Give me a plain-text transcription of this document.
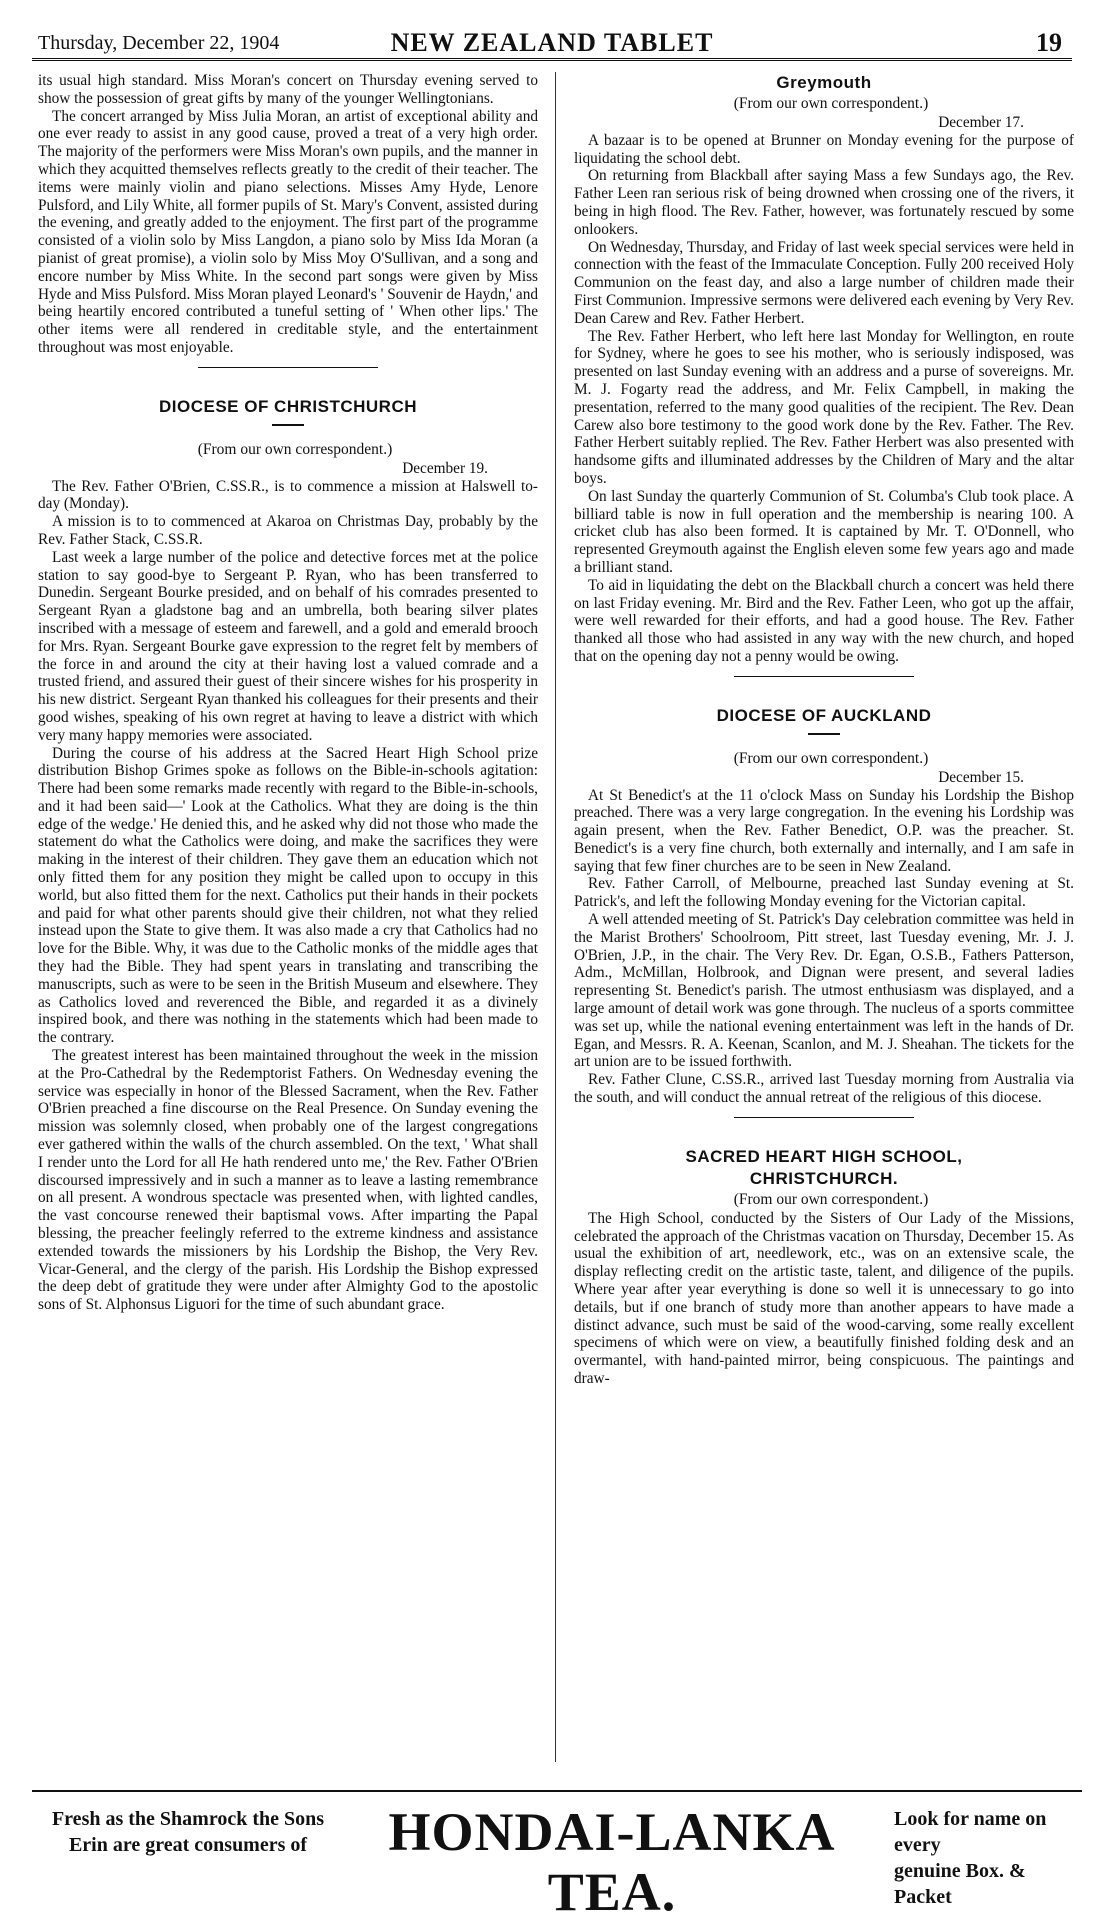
Thursday, December 22, 1904	NEW ZEALAND TABLET	19

its usual high standard. Miss Moran's concert on Thursday evening served to show the possession of great gifts by many of the younger Wellingtonians.

The concert arranged by Miss Julia Moran, an artist of exceptional ability and one ever ready to assist in any good cause, proved a treat of a very high order. The majority of the performers were Miss Moran's own pupils, and the manner in which they acquitted themselves reflects greatly to the credit of their teacher. The items were mainly violin and piano selections. Misses Amy Hyde, Lenore Pulsford, and Lily White, all former pupils of St. Mary's Convent, assisted during the evening, and greatly added to the enjoyment. The first part of the programme consisted of a violin solo by Miss Langdon, a piano solo by Miss Ida Moran (a pianist of great promise), a violin solo by Miss Moy O'Sullivan, and a song and encore number by Miss White. In the second part songs were given by Miss Hyde and Miss Pulsford. Miss Moran played Leonard's ' Souvenir de Haydn,' and being heartily encored contributed a tuneful setting of ' When other lips.' The other items were all rendered in creditable style, and the entertainment throughout was most enjoyable.

DIOCESE OF CHRISTCHURCH

(From our own correspondent.)

December 19.

The Rev. Father O'Brien, C.SS.R., is to commence a mission at Halswell to-day (Monday).

A mission is to to commenced at Akaroa on Christmas Day, probably by the Rev. Father Stack, C.SS.R.

Last week a large number of the police and detective forces met at the police station to say good-bye to Sergeant P. Ryan, who has been transferred to Dunedin. Sergeant Bourke presided, and on behalf of his comrades presented to Sergeant Ryan a gladstone bag and an umbrella, both bearing silver plates inscribed with a message of esteem and farewell, and a gold and emerald brooch for Mrs. Ryan. Sergeant Bourke gave expression to the regret felt by members of the force in and around the city at their having lost a valued comrade and a trusted friend, and assured their guest of their sincere wishes for his prosperity in his new district. Sergeant Ryan thanked his colleagues for their presents and their good wishes, speaking of his own regret at having to leave a district with which very many happy memories were associated.

During the course of his address at the Sacred Heart High School prize distribution Bishop Grimes spoke as follows on the Bible-in-schools agitation: There had been some remarks made recently with regard to the Bible-in-schools, and it had been said—' Look at the Catholics. What they are doing is the thin edge of the wedge.' He denied this, and he asked why did not those who made the statement do what the Catholics were doing, and make the sacrifices they were making in the interest of their children. They gave them an education which not only fitted them for any position they might be called upon to occupy in this world, but also fitted them for the next. Catholics put their hands in their pockets and paid for what other parents should give their children, not what they relied instead upon the State to give them. It was also made a cry that Catholics had no love for the Bible. Why, it was due to the Catholic monks of the middle ages that they had the Bible. They had spent years in translating and transcribing the manuscripts, such as were to be seen in the British Museum and elsewhere. They as Catholics loved and reverenced the Bible, and regarded it as a divinely inspired book, and there was nothing in the statements which had been made to the contrary.

The greatest interest has been maintained throughout the week in the mission at the Pro-Cathedral by the Redemptorist Fathers. On Wednesday evening the service was especially in honor of the Blessed Sacrament, when the Rev. Father O'Brien preached a fine discourse on the Real Presence. On Sunday evening the mission was solemnly closed, when probably one of the largest congregations ever gathered within the walls of the church assembled. On the text, ' What shall I render unto the Lord for all He hath rendered unto me,' the Rev. Father O'Brien discoursed impressively and in such a manner as to leave a lasting remembrance on all present. A wondrous spectacle was presented when, with lighted candles, the vast concourse renewed their baptismal vows. After imparting the Papal blessing, the preacher feelingly referred to the extreme kindness and assistance extended towards the missioners by his Lordship the Bishop, the Very Rev. Vicar-General, and the clergy of the parish. His Lordship the Bishop expressed the deep debt of gratitude they were under after Almighty God to the apostolic sons of St. Alphonsus Liguori for the time of such abundant grace.

Greymouth

(From our own correspondent.)

December 17.

A bazaar is to be opened at Brunner on Monday evening for the purpose of liquidating the school debt.

On returning from Blackball after saying Mass a few Sundays ago, the Rev. Father Leen ran serious risk of being drowned when crossing one of the rivers, it being in high flood. The Rev. Father, however, was fortunately rescued by some onlookers.

On Wednesday, Thursday, and Friday of last week special services were held in connection with the feast of the Immaculate Conception. Fully 200 received Holy Communion on the feast day, and also a large number of children made their First Communion. Impressive sermons were delivered each evening by Very Rev. Dean Carew and Rev. Father Herbert.

The Rev. Father Herbert, who left here last Monday for Wellington, en route for Sydney, where he goes to see his mother, who is seriously indisposed, was presented on last Sunday evening with an address and a purse of sovereigns. Mr. M. J. Fogarty read the address, and Mr. Felix Campbell, in making the presentation, referred to the many good qualities of the recipient. The Rev. Dean Carew also bore testimony to the good work done by the Rev. Father. The Rev. Father Herbert suitably replied. The Rev. Father Herbert was also presented with handsome gifts and illuminated addresses by the Children of Mary and the altar boys.

On last Sunday the quarterly Communion of St. Columba's Club took place. A billiard table is now in full operation and the membership is nearing 100. A cricket club has also been formed. It is captained by Mr. T. O'Donnell, who represented Greymouth against the English eleven some few years ago and made a brilliant stand.

To aid in liquidating the debt on the Blackball church a concert was held there on last Friday evening. Mr. Bird and the Rev. Father Leen, who got up the affair, were well rewarded for their efforts, and had a good house. The Rev. Father thanked all those who had assisted in any way with the new church, and hoped that on the opening day not a penny would be owing.

DIOCESE OF AUCKLAND

(From our own correspondent.)

December 15.

At St Benedict's at the 11 o'clock Mass on Sunday his Lordship the Bishop preached. There was a very large congregation. In the evening his Lordship was again present, when the Rev. Father Benedict, O.P. was the preacher. St. Benedict's is a very fine church, both externally and internally, and I am safe in saying that few finer churches are to be seen in New Zealand.

Rev. Father Carroll, of Melbourne, preached last Sunday evening at St. Patrick's, and left the following Monday evening for the Victorian capital.

A well attended meeting of St. Patrick's Day celebration committee was held in the Marist Brothers' Schoolroom, Pitt street, last Tuesday evening, Mr. J. J. O'Brien, J.P., in the chair. The Very Rev. Dr. Egan, O.S.B., Fathers Patterson, Adm., McMillan, Holbrook, and Dignan were present, and several ladies representing St. Benedict's parish. The utmost enthusiasm was displayed, and a large amount of detail work was gone through. The nucleus of a sports committee was set up, while the national evening entertainment was left in the hands of Dr. Egan, and Messrs. R. A. Keenan, Scanlon, and M. J. Sheahan. The tickets for the art union are to be issued forthwith.

Rev. Father Clune, C.SS.R., arrived last Tuesday morning from Australia via the south, and will conduct the annual retreat of the religious of this diocese.

SACRED HEART HIGH SCHOOL,
CHRISTCHURCH.

(From our own correspondent.)

The High School, conducted by the Sisters of Our Lady of the Missions, celebrated the approach of the Christmas vacation on Thursday, December 15. As usual the exhibition of art, needlework, etc., was on an extensive scale, the display reflecting credit on the artistic taste, talent, and diligence of the pupils. Where year after year everything is done so well it is unnecessary to go into details, but if one branch of study more than another appears to have made a distinct advance, such must be said of the wood-carving, some really excellent specimens of which were on view, a beautifully finished folding desk and an overmantel, with hand-painted mirror, being conspicuous. The paintings and draw-

Fresh as the Shamrock the Sons
Erin are great consumers of	HONDAI-LANKA TEA.
Look for name on every
genuine Box. & Packet
